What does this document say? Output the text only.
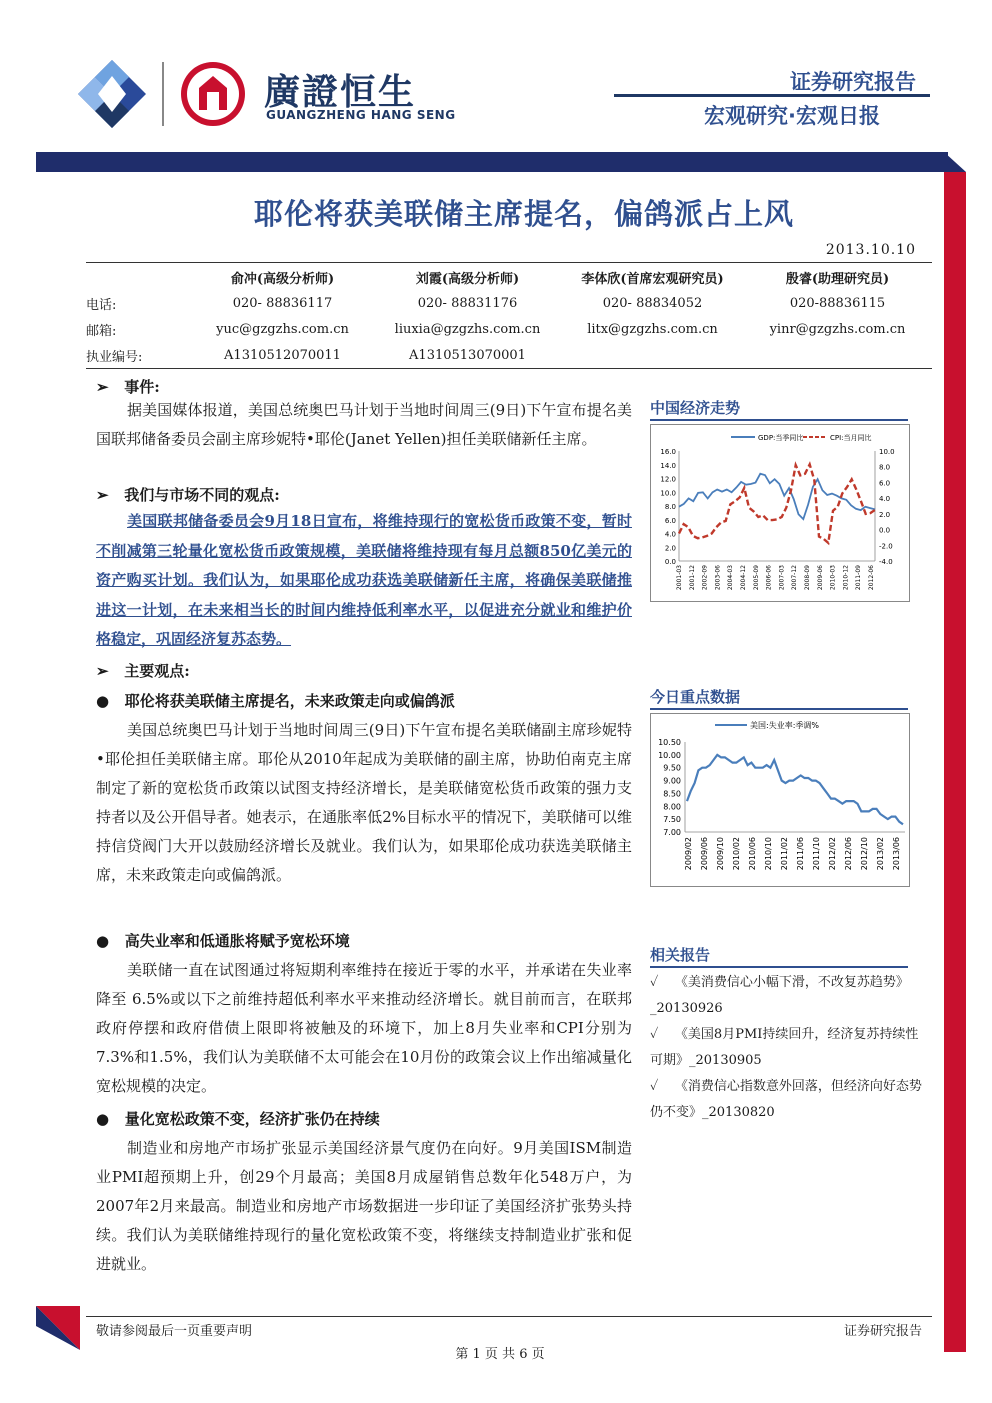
廣證恒生
GUANGZHENG HANG SENG
证券研究报告
宏观研究·宏观日报
耶伦将获美联储主席提名，偏鸽派占上风
2013.10.10
俞冲(高级分析师)	刘霞(高级分析师)	李体欣(首席宏观研究员)	殷睿(助理研究员)
电话:	020- 88836117	020- 88831176	020- 88834052	020-88836115
邮箱:	yuc@gzgzhs.com.cn	liuxia@gzgzhs.com.cn	litx@gzgzhs.com.cn	yinr@gzgzhs.com.cn
执业编号:	A1310512070011	A1310513070001
➢   事件:

据美国媒体报道，美国总统奥巴马计划于当地时间周三(9日)下午宣布提名美国联邦储备委员会副主席珍妮特•耶伦(Janet Yellen)担任美联储新任主席。

➢   我们与市场不同的观点:

美国联邦储备委员会9月18日宣布，将维持现行的宽松货币政策不变，暂时不削减第三轮量化宽松货币政策规模，美联储将维持现有每月总额850亿美元的资产购买计划。我们认为，如果耶伦成功获选美联储新任主席，将确保美联储推进这一计划，在未来相当长的时间内维持低利率水平，以促进充分就业和维护价格稳定，巩固经济复苏态势。

➢   主要观点:
●   耶伦将获美联储主席提名，未来政策走向或偏鸽派

美国总统奥巴马计划于当地时间周三(9日)下午宣布提名美联储副主席珍妮特•耶伦担任美联储主席。耶伦从2010年起成为美联储的副主席，协助伯南克主席制定了新的宽松货币政策以试图支持经济增长，是美联储宽松货币政策的强力支持者以及公开倡导者。她表示，在通胀率低2%目标水平的情况下，美联储可以维持信贷阀门大开以鼓励经济增长及就业。我们认为，如果耶伦成功获选美联储主席，未来政策走向或偏鸽派。

●   高失业率和低通胀将赋予宽松环境

美联储一直在试图通过将短期利率维持在接近于零的水平，并承诺在失业率降至 6.5%或以下之前维持超低利率水平来推动经济增长。就目前而言，在联邦政府停摆和政府借债上限即将被触及的环境下，加上8月失业率和CPI分别为7.3%和1.5%，我们认为美联储不太可能会在10月份的政策会议上作出缩减量化宽松规模的决定。

●   量化宽松政策不变，经济扩张仍在持续

制造业和房地产市场扩张显示美国经济景气度仍在向好。9月美国ISM制造业PMI超预期上升，创29个月最高；美国8月成屋销售总数年化548万户，为2007年2月来最高。制造业和房地产市场数据进一步印证了美国经济扩张势头持续。我们认为美联储维持现行的量化宽松政策不变，将继续支持制造业扩张和促进就业。

中国经济走势
16.0
14.0
12.0
10.0
8.0
6.0
4.0
2.0
0.0
10.0
8.0
6.0
4.0
2.0
0.0
-2.0
-4.0
GDP:当季同比	CPI:当月同比
2001-03 2001-12 2002-09 2003-06 2004-03 2004-12 2005-09 2006-06 2007-03 2007-12 2008-09 2009-06 2010-03 2010-12 2011-09 2012-06
今日重点数据
10.50
10.00
9.50
9.00
8.50
8.00
7.50
7.00
美国:失业率:季调%
2009/02 2009/06 2009/10 2010/02 2010/06 2010/10 2011/02 2011/06 2011/10 2012/02 2012/06 2012/10 2013/02 2013/06
相关报告
✓ 《美消费信心小幅下滑，不改复苏趋势》_20130926
✓ 《美国8月PMI持续回升，经济复苏持续性可期》_20130905
✓ 《消费信心指数意外回落，但经济向好态势仍不变》_20130820
敬请参阅最后一页重要声明	证券研究报告
第 1 页 共 6 页
